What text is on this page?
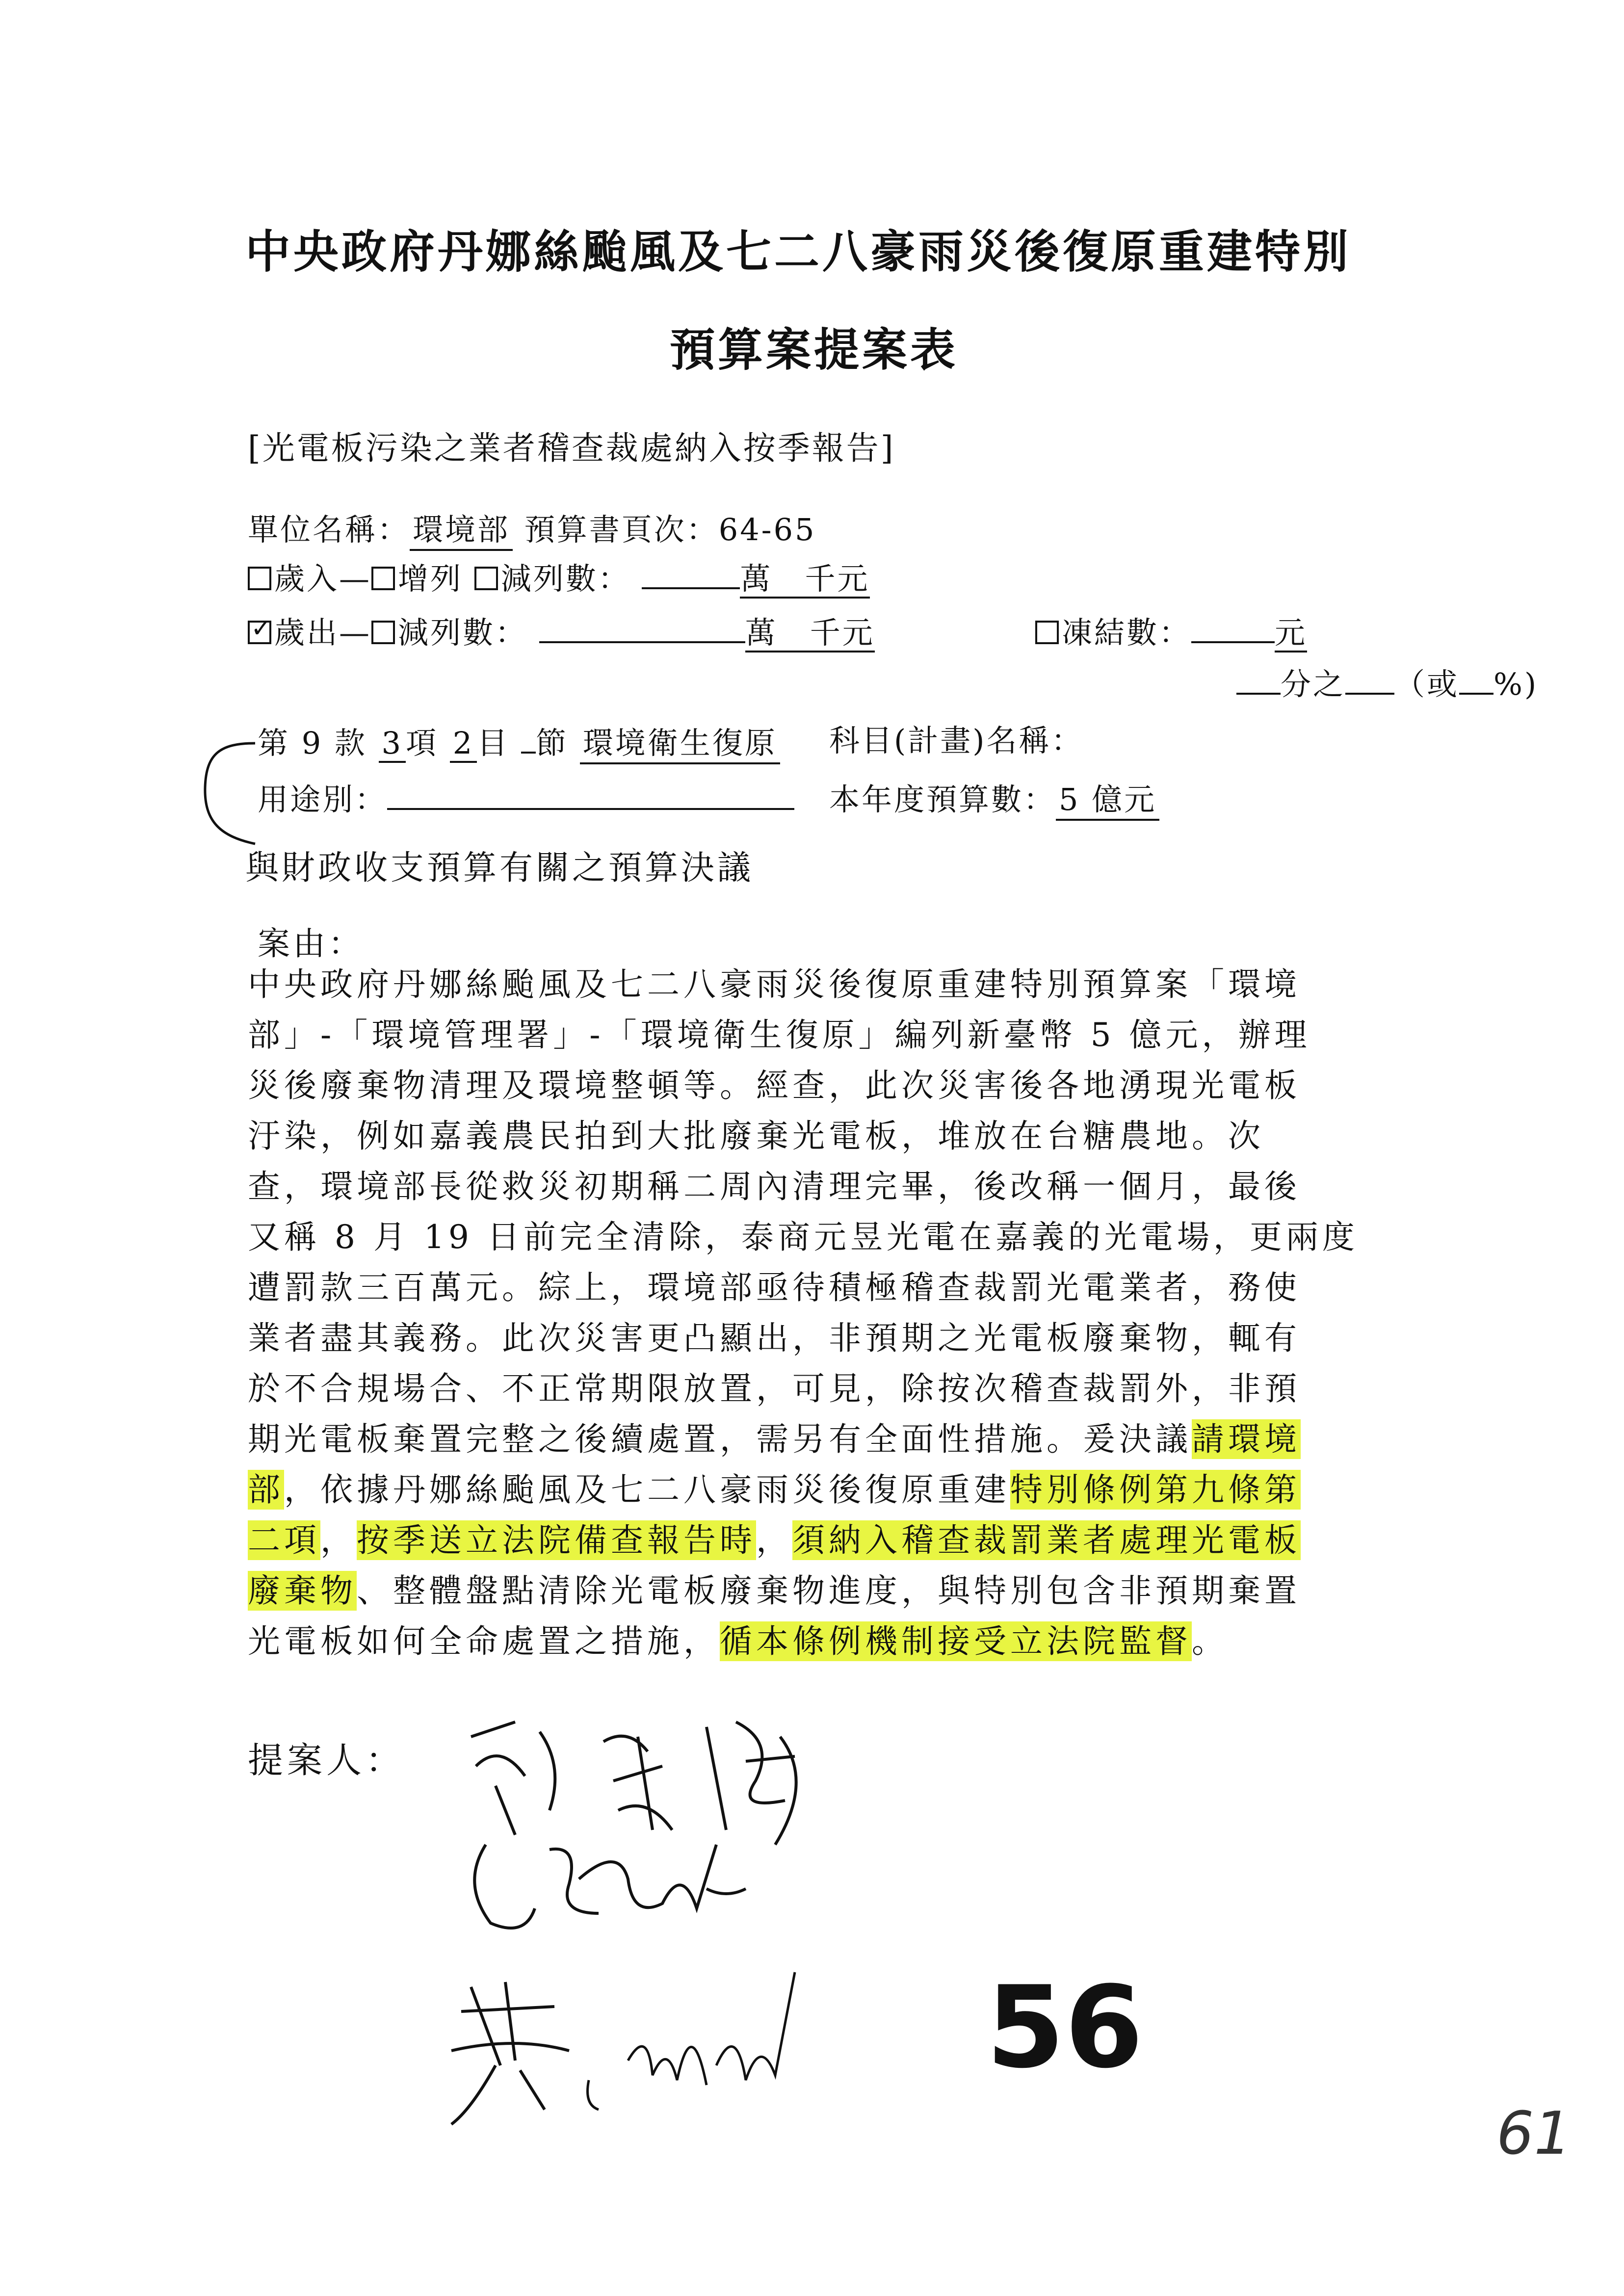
中央政府丹娜絲颱風及七二八豪雨災後復原重建特別
預算案提案表
[光電板污染之業者稽查裁處納入按季報告]
單位名稱：環境部 預算書頁次：64-65
歲入— 增列 減列數：	萬　千元
✓歲出— 減列數：	萬　千元	凍結數：	元
分之 （或 %)
第 9 款 3項 2目 節 環境衛生復原 科目(計畫)名稱：
用途別：	本年度預算數：5 億元
與財政收支預算有關之預算決議
案由：
中央政府丹娜絲颱風及七二八豪雨災後復原重建特別預算案「環境
部」-「環境管理署」-「環境衛生復原」編列新臺幣 5 億元，辦理
災後廢棄物清理及環境整頓等。經查，此次災害後各地湧現光電板
汙染，例如嘉義農民拍到大批廢棄光電板，堆放在台糖農地。次
查，環境部長從救災初期稱二周內清理完畢，後改稱一個月，最後
又稱 8 月 19 日前完全清除，泰商元昱光電在嘉義的光電場，更兩度
遭罰款三百萬元。綜上，環境部亟待積極稽查裁罰光電業者，務使
業者盡其義務。此次災害更凸顯出，非預期之光電板廢棄物，輒有
於不合規場合、不正常期限放置，可見，除按次稽查裁罰外，非預
期光電板棄置完整之後續處置，需另有全面性措施。爰決議請環境
部，依據丹娜絲颱風及七二八豪雨災後復原重建特別條例第九條第
二項，按季送立法院備查報告時，須納入稽查裁罰業者處理光電板
廢棄物、整體盤點清除光電板廢棄物進度，與特別包含非預期棄置
光電板如何全命處置之措施，循本條例機制接受立法院監督。
提案人：
56
61
